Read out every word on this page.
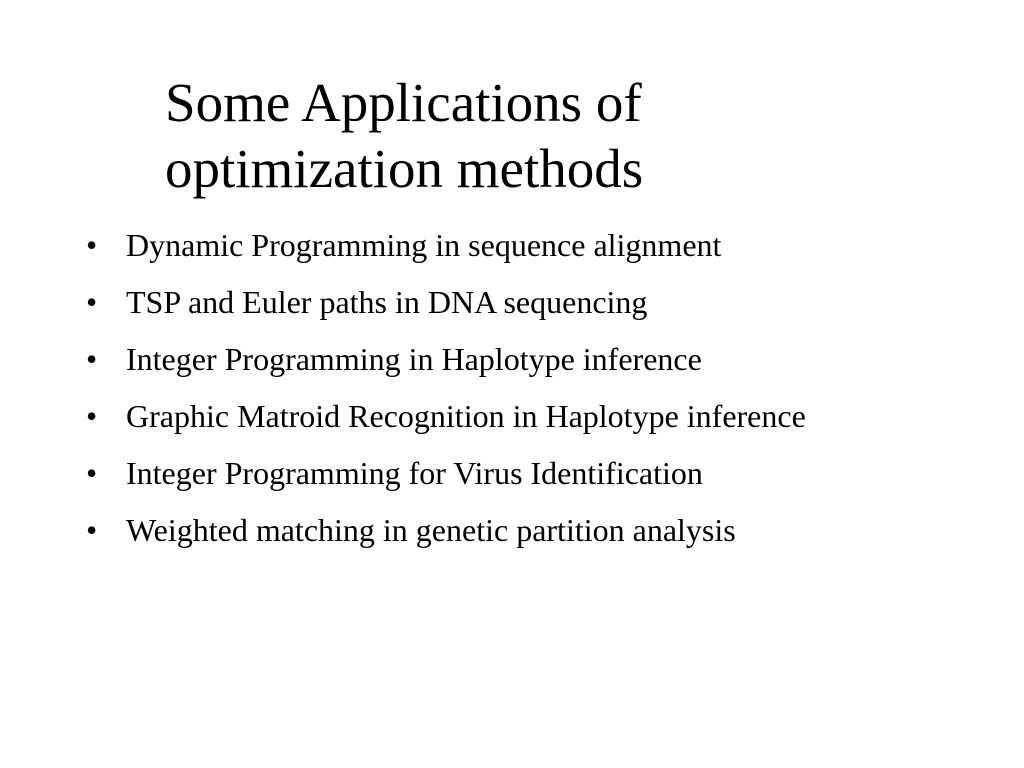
Some Applications of
optimization methods
• Dynamic Programming in sequence alignment
• TSP and Euler paths in DNA sequencing
• Integer Programming in Haplotype inference
• Graphic Matroid Recognition in Haplotype inference
• Integer Programming for Virus Identification
• Weighted matching in genetic partition analysis
